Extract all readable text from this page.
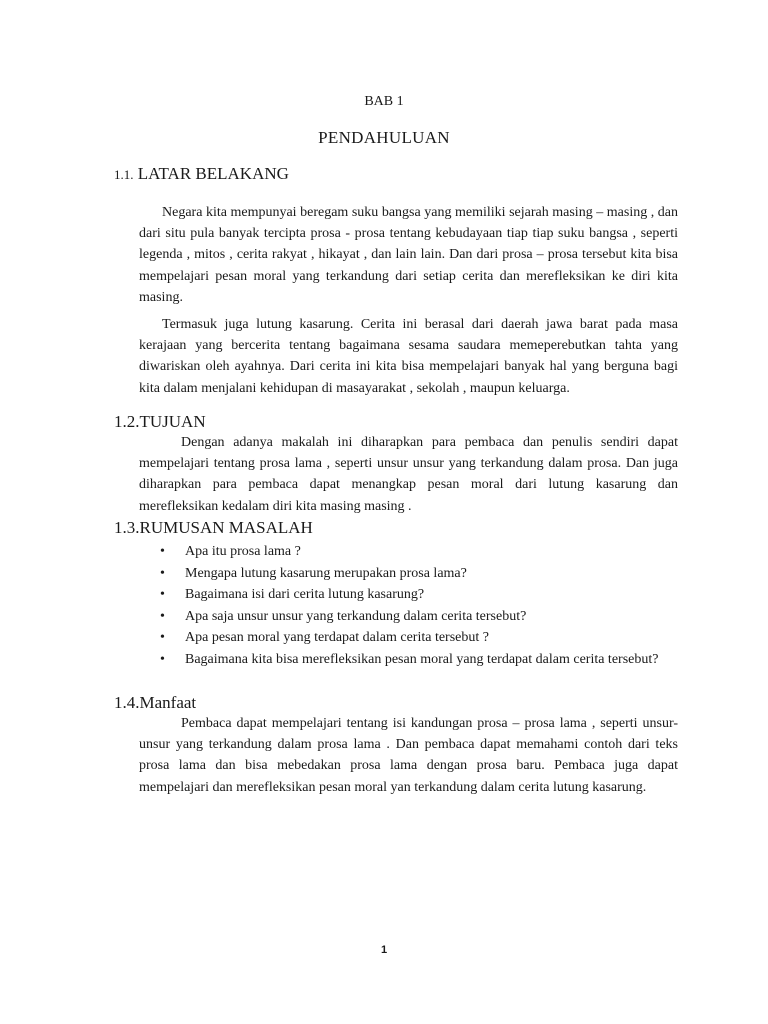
BAB 1
PENDAHULUAN
1.1. LATAR BELAKANG
Negara kita mempunyai beregam suku bangsa yang memiliki sejarah masing – masing , dan dari situ pula banyak tercipta prosa - prosa tentang kebudayaan tiap tiap suku bangsa , seperti legenda , mitos , cerita rakyat , hikayat , dan lain lain. Dan dari prosa – prosa tersebut kita bisa mempelajari pesan moral yang terkandung dari setiap cerita dan merefleksikan ke diri kita masing.
Termasuk juga lutung kasarung. Cerita ini berasal dari daerah jawa barat pada masa kerajaan yang bercerita tentang bagaimana sesama saudara memeperebutkan tahta yang diwariskan oleh ayahnya. Dari cerita ini kita bisa mempelajari banyak hal yang berguna bagi kita dalam menjalani kehidupan di masayarakat , sekolah , maupun keluarga.
1.2.TUJUAN
Dengan adanya makalah ini diharapkan para pembaca dan penulis sendiri dapat mempelajari tentang prosa lama , seperti unsur unsur yang terkandung dalam prosa. Dan juga diharapkan para pembaca dapat menangkap pesan moral dari lutung kasarung dan merefleksikan kedalam diri kita masing masing .
1.3.RUMUSAN MASALAH
• Apa itu prosa lama ?
• Mengapa lutung kasarung merupakan prosa lama?
• Bagaimana isi dari cerita lutung kasarung?
• Apa saja unsur unsur yang terkandung dalam cerita tersebut?
• Apa pesan moral yang terdapat dalam cerita tersebut ?
• Bagaimana kita bisa merefleksikan pesan moral yang terdapat dalam cerita tersebut?
1.4.Manfaat
Pembaca dapat mempelajari tentang isi kandungan prosa – prosa lama , seperti unsur- unsur yang terkandung dalam prosa lama . Dan pembaca dapat memahami contoh dari teks prosa lama dan bisa mebedakan prosa lama dengan prosa baru. Pembaca juga dapat mempelajari dan merefleksikan pesan moral yan terkandung dalam cerita lutung kasarung.
1
